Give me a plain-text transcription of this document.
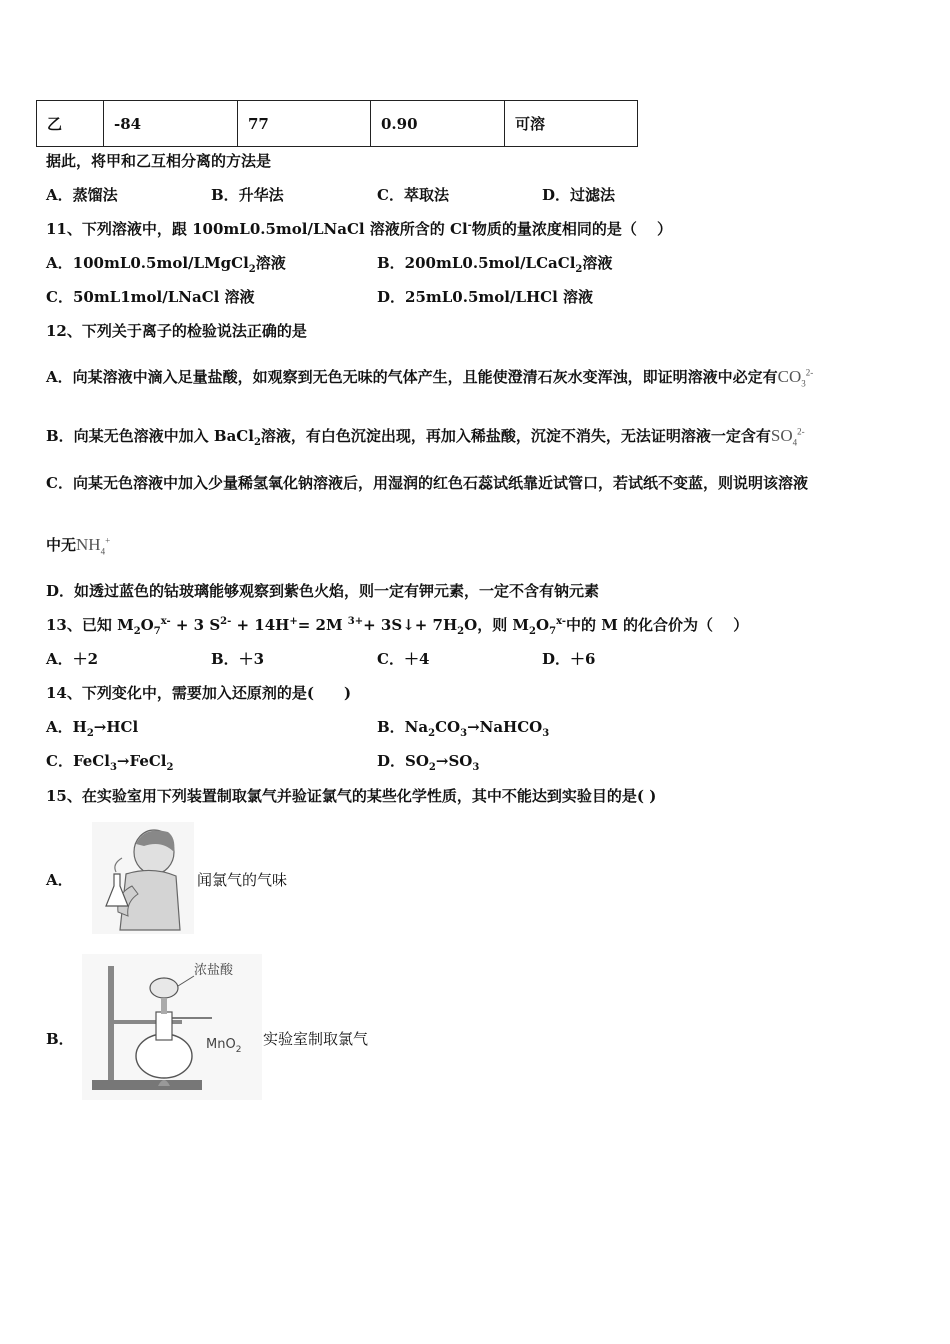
乙	-84	77	0.90	可溶
据此，将甲和乙互相分离的方法是
A．蒸馏法	B．升华法	C．萃取法	D．过滤法
11、下列溶液中，跟 100mL0.5mol/LNaCl 溶液所含的 Cl-物质的量浓度相同的是（　 ）
A．100mL0.5mol/LMgCl$_2$溶液	B．200mL0.5mol/LCaCl$_2$溶液
C．50mL1mol/LNaCl 溶液	D．25mL0.5mol/LHCl 溶液
12、下列关于离子的检验说法正确的是
A．向某溶液中滴入足量盐酸，如观察到无色无味的气体产生，且能使澄清石灰水变浑浊，即证明溶液中必定有$CO_3^{2-}$
B．向某无色溶液中加入 BaCl$_2$溶液，有白色沉淀出现，再加入稀盐酸，沉淀不消失，无法证明溶液一定含有$SO_4^{2-}$
C．向某无色溶液中加入少量稀氢氧化钠溶液后，用湿润的红色石蕊试纸靠近试管口，若试纸不变蓝，则说明该溶液
中无$NH_4^+$
D．如透过蓝色的钴玻璃能够观察到紫色火焰，则一定有钾元素，一定不含有钠元素
13、已知 $M_2O_7^{x-} + 3$ $S^{2-} + 14H^+= 2M$ $^{3+}$+ 3S↓+ $7H_2O$，则 $M_2O_7^{x-}$中的 M 的化合价为（　 ）
A．＋2	B．＋3	C．＋4	D．＋6
14、下列变化中，需要加入还原剂的是(　　)
A．$H_2\to HCl$	B．$Na_2CO_3\to NaHCO_3$
C．FeCl$_3$→FeCl$_2$	D．$SO_2\to SO_3$
15、在实验室用下列装置制取氯气并验证氯气的某些化学性质，其中不能达到实验目的是( )
A．	闻氯气的气味
B．
浓盐酸
MnO$_2$
实验室制取氯气
